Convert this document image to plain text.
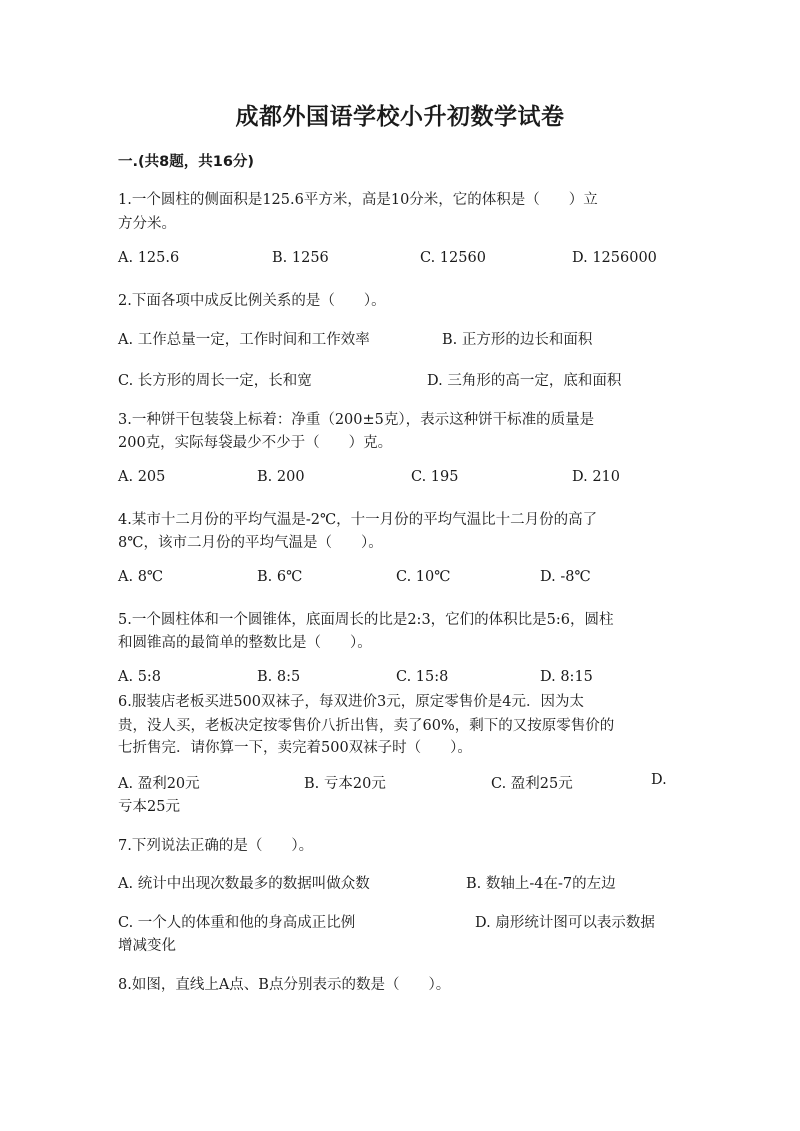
成都外国语学校小升初数学试卷
一.(共8题，共16分)
1.一个圆柱的侧面积是125.6平方米，高是10分米，它的体积是（　　）立
方分米。
A. 125.6	B. 1256	C. 12560	D. 1256000
2.下面各项中成反比例关系的是（　　）。
A. 工作总量一定，工作时间和工作效率	B. 正方形的边长和面积
C. 长方形的周长一定，长和宽	D. 三角形的高一定，底和面积
3.一种饼干包装袋上标着：净重（200±5克），表示这种饼干标准的质量是
200克，实际每袋最少不少于（　　）克。
A. 205	B. 200	C. 195	D. 210
4.某市十二月份的平均气温是-2℃，十一月份的平均气温比十二月份的高了
8℃，该市二月份的平均气温是（　　）。
A. 8℃	B. 6℃	C. 10℃	D. -8℃
5.一个圆柱体和一个圆锥体，底面周长的比是2:3，它们的体积比是5:6，圆柱
和圆锥高的最简单的整数比是（　　）。
A. 5:8	B. 8:5	C. 15:8	D. 8:15
6.服装店老板买进500双袜子，每双进价3元，原定零售价是4元．因为太
贵，没人买，老板决定按零售价八折出售，卖了60%，剩下的又按原零售价的
七折售完．请你算一下，卖完着500双袜子时（　　）。
A. 盈利20元	B. 亏本20元	C. 盈利25元	D.
亏本25元
7.下列说法正确的是（　　）。
A. 统计中出现次数最多的数据叫做众数	B. 数轴上-4在-7的左边
C. 一个人的体重和他的身高成正比例	D. 扇形统计图可以表示数据
增减变化
8.如图，直线上A点、B点分别表示的数是（　　）。
